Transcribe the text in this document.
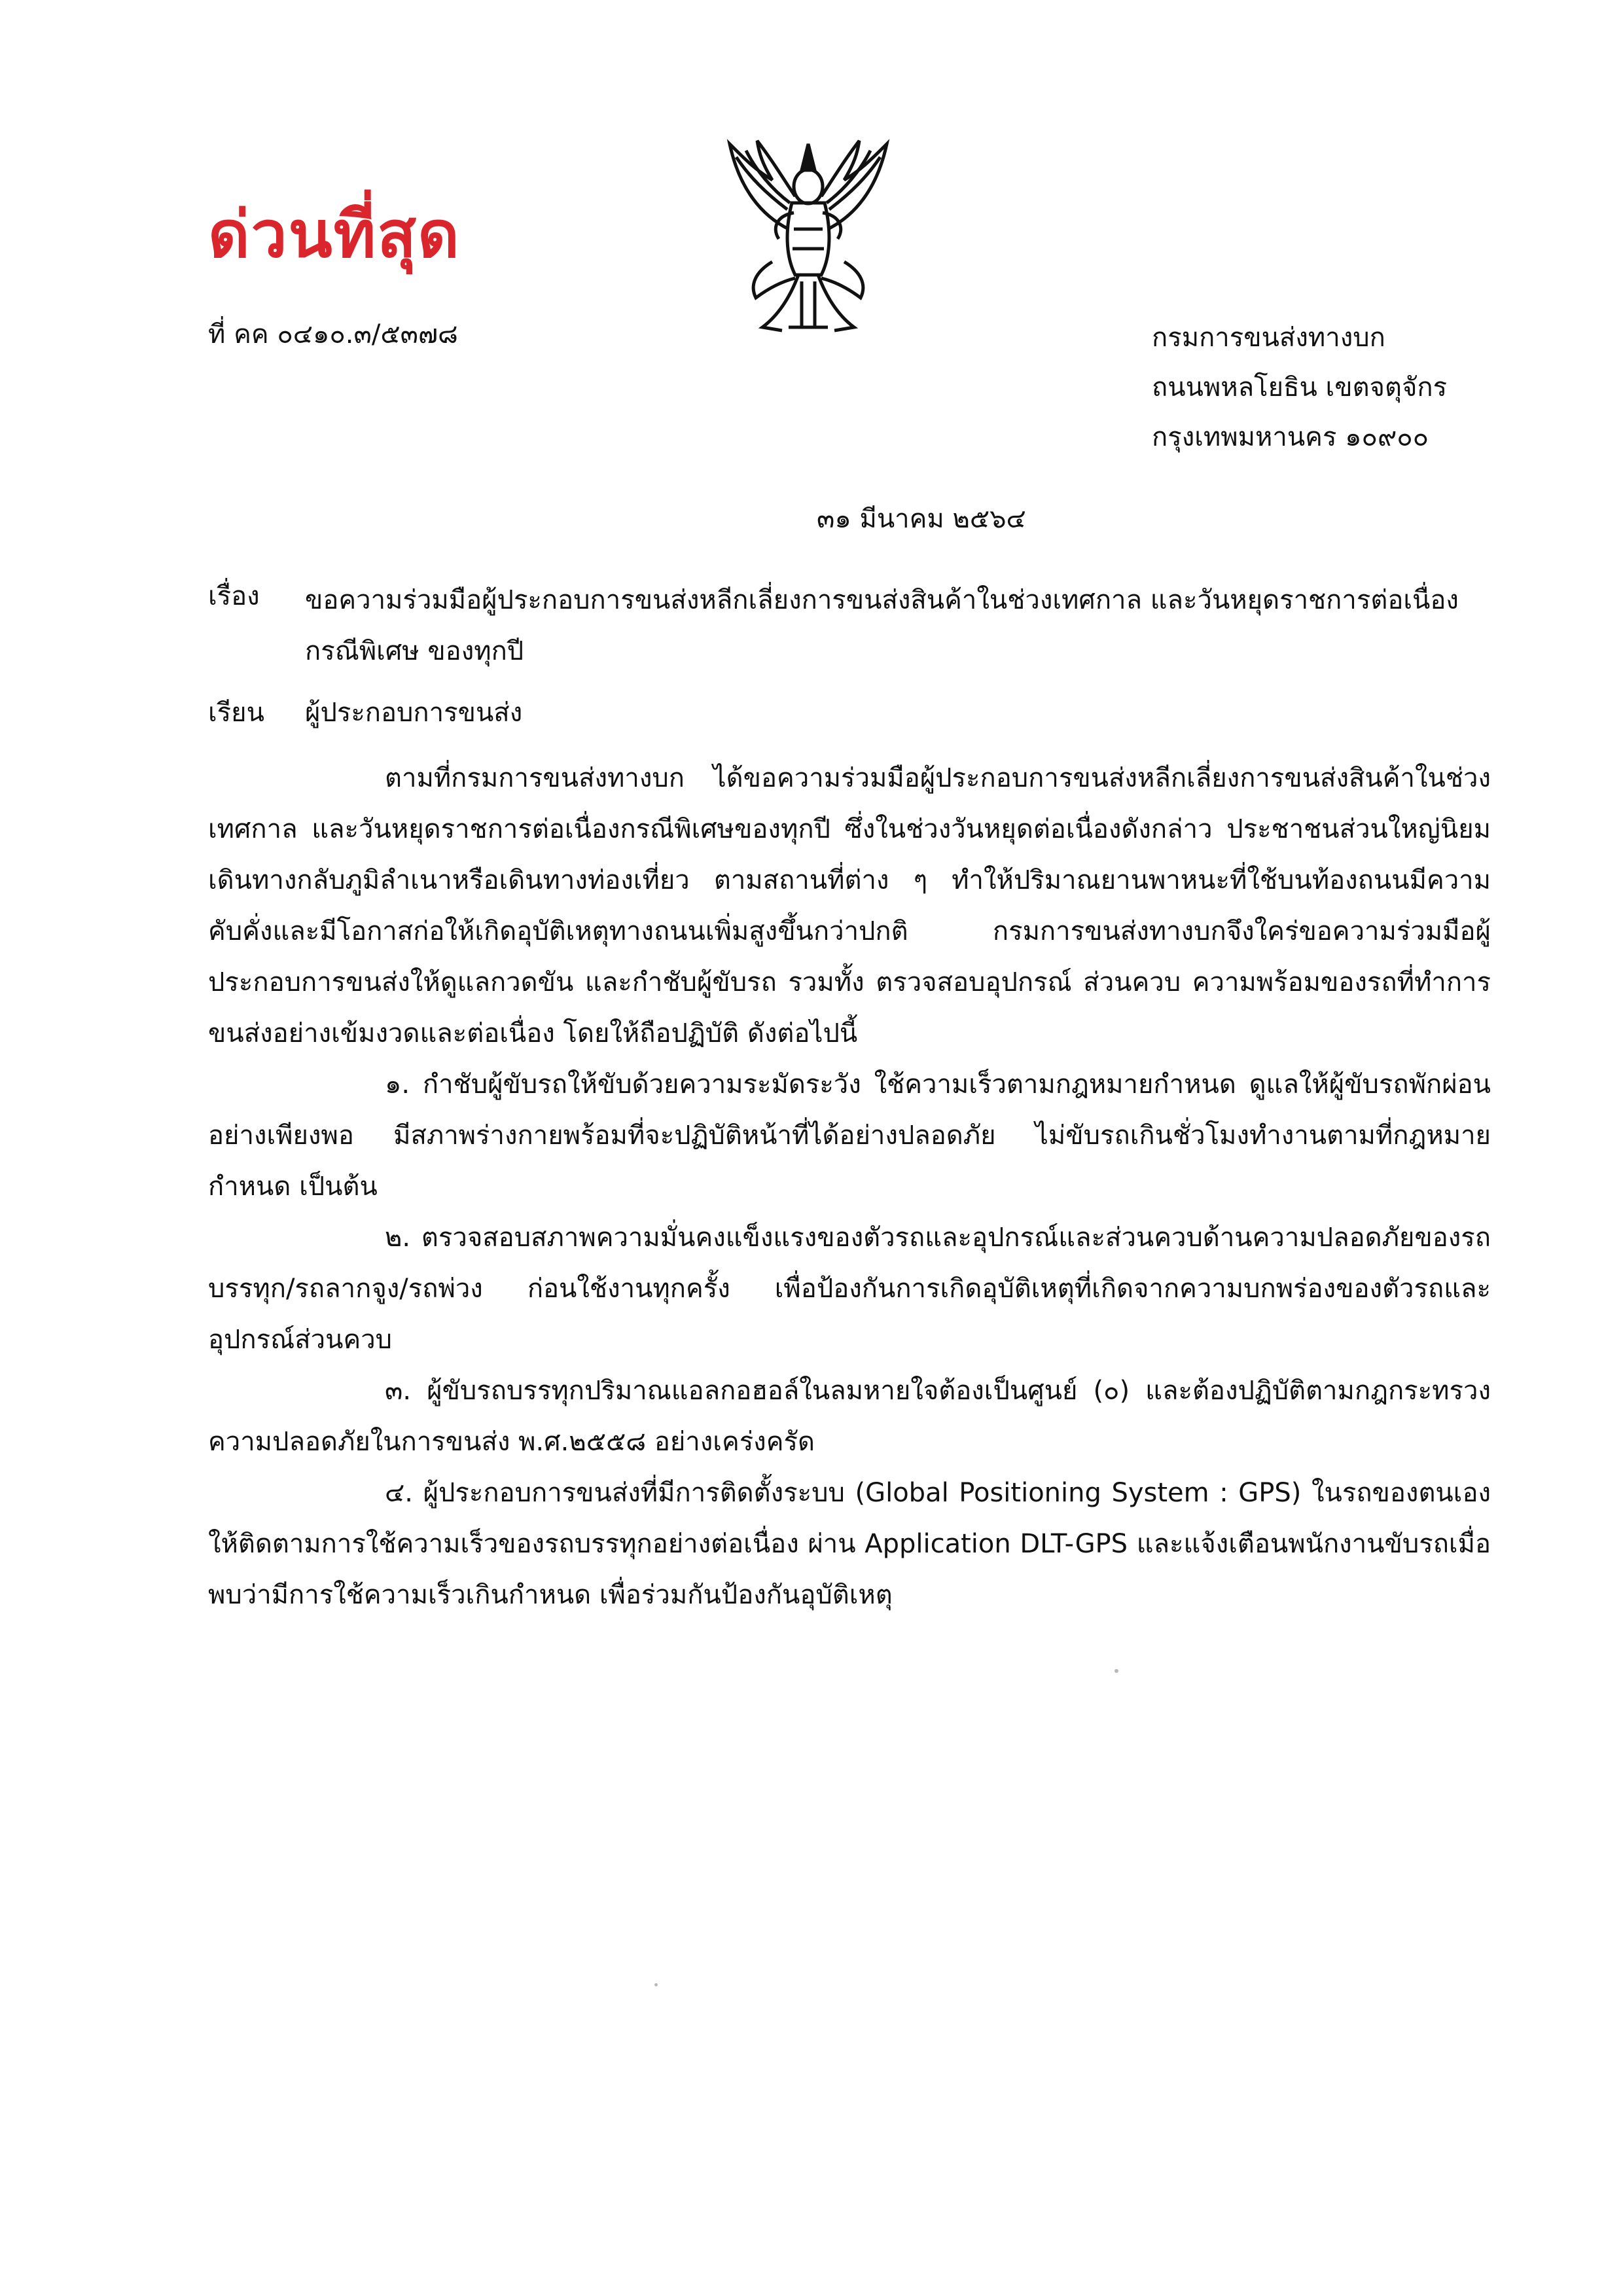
ด่วนที่สุด
ที่ คค ๐๔๑๐.๓/๕๓๗๘	กรมการขนส่งทางบก
ถนนพหลโยธิน เขตจตุจักร
กรุงเทพมหานคร ๑๐๙๐๐
๓๑ มีนาคม ๒๕๖๔
เรื่อง ขอความร่วมมือผู้ประกอบการขนส่งหลีกเลี่ยงการขนส่งสินค้าในช่วงเทศกาล และวันหยุดราชการต่อเนื่อง กรณีพิเศษ ของทุกปี
เรียน ผู้ประกอบการขนส่ง

ตามที่กรมการขนส่งทางบก ได้ขอความร่วมมือผู้ประกอบการขนส่งหลีกเลี่ยงการขนส่งสินค้าในช่วงเทศกาล และวันหยุดราชการต่อเนื่องกรณีพิเศษของทุกปี ซึ่งในช่วงวันหยุดต่อเนื่องดังกล่าว ประชาชนส่วนใหญ่นิยมเดินทางกลับภูมิลำเนาหรือเดินทางท่องเที่ยว ตามสถานที่ต่าง ๆ ทำให้ปริมาณยานพาหนะที่ใช้บนท้องถนนมีความคับคั่งและมีโอกาสก่อให้เกิดอุบัติเหตุทางถนนเพิ่มสูงขึ้นกว่าปกติ กรมการขนส่งทางบกจึงใคร่ขอความร่วมมือผู้ประกอบการขนส่งให้ดูแลกวดขัน และกำชับผู้ขับรถ รวมทั้ง ตรวจสอบอุปกรณ์ ส่วนควบ ความพร้อมของรถที่ทำการขนส่งอย่างเข้มงวดและต่อเนื่อง โดยให้ถือปฏิบัติ ดังต่อไปนี้

๑. กำชับผู้ขับรถให้ขับด้วยความระมัดระวัง ใช้ความเร็วตามกฎหมายกำหนด ดูแลให้ผู้ขับรถพักผ่อนอย่างเพียงพอ มีสภาพร่างกายพร้อมที่จะปฏิบัติหน้าที่ได้อย่างปลอดภัย ไม่ขับรถเกินชั่วโมงทำงานตามที่กฎหมายกำหนด เป็นต้น

๒. ตรวจสอบสภาพความมั่นคงแข็งแรงของตัวรถและอุปกรณ์และส่วนควบด้านความปลอดภัยของรถบรรทุก/รถลากจูง/รถพ่วง ก่อนใช้งานทุกครั้ง เพื่อป้องกันการเกิดอุบัติเหตุที่เกิดจากความบกพร่องของตัวรถและอุปกรณ์ส่วนควบ

๓. ผู้ขับรถบรรทุกปริมาณแอลกอฮอล์ในลมหายใจต้องเป็นศูนย์ (๐) และต้องปฏิบัติตามกฎกระทรวงความปลอดภัยในการขนส่ง พ.ศ.๒๕๕๘ อย่างเคร่งครัด

๔. ผู้ประกอบการขนส่งที่มีการติดตั้งระบบ (Global Positioning System : GPS) ในรถของตนเองให้ติดตามการใช้ความเร็วของรถบรรทุกอย่างต่อเนื่อง ผ่าน Application DLT-GPS และแจ้งเตือนพนักงานขับรถเมื่อพบว่ามีการใช้ความเร็วเกินกำหนด เพื่อร่วมกันป้องกันอุบัติเหตุ
